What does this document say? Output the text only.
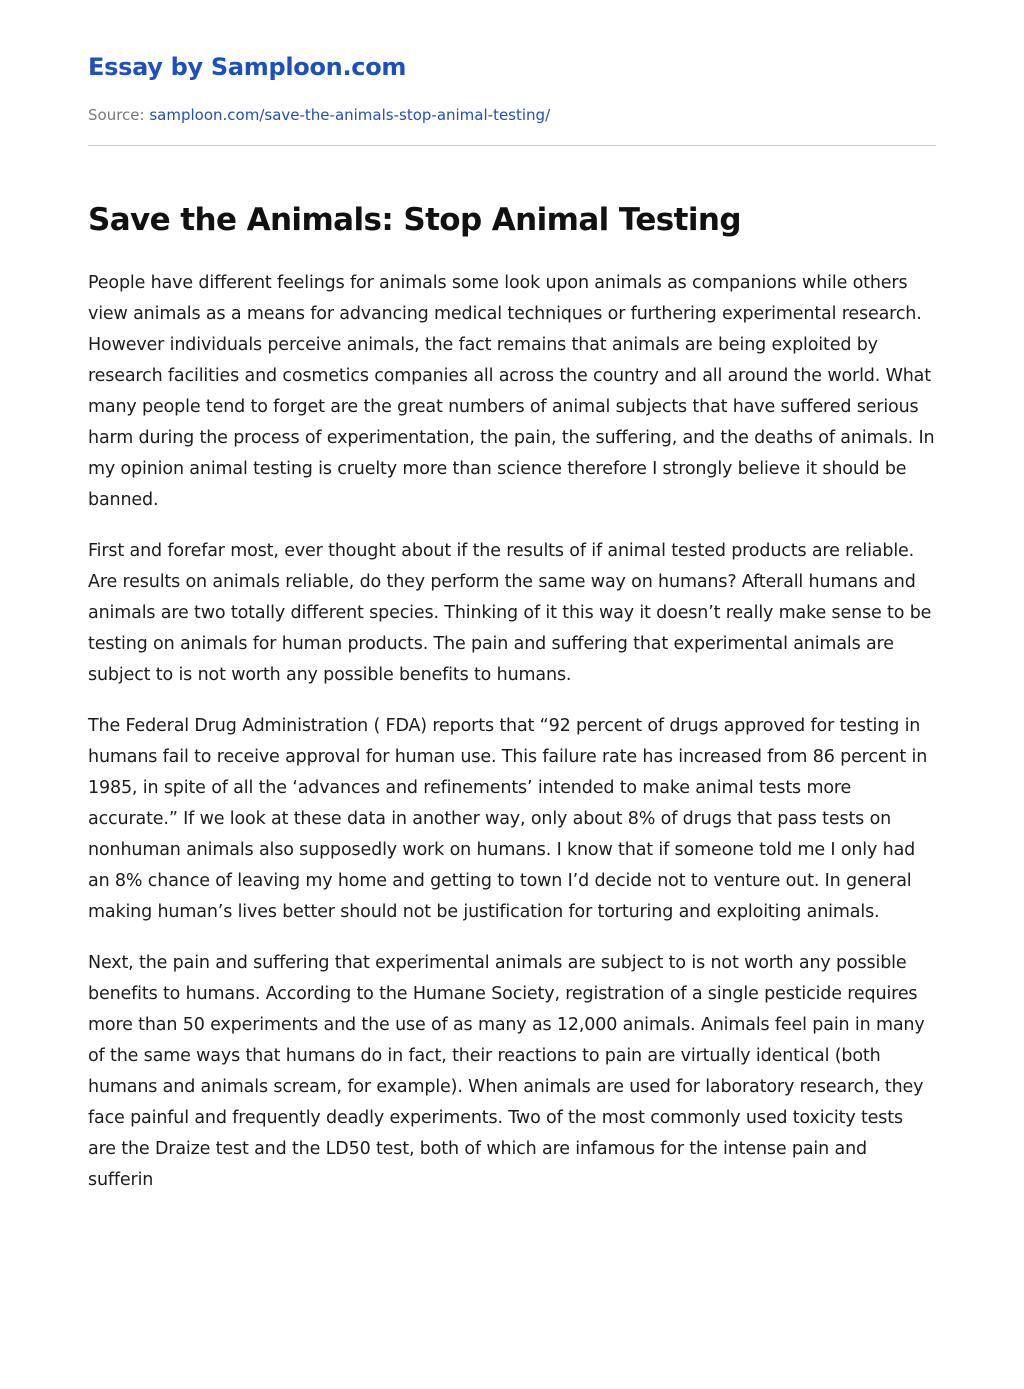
Essay by Samploon.com
Source: samploon.com/save-the-animals-stop-animal-testing/
Save the Animals: Stop Animal Testing

People have different feelings for animals some look upon animals as companions while others view animals as a means for advancing medical techniques or furthering experimental research. However individuals perceive animals, the fact remains that animals are being exploited by research facilities and cosmetics companies all across the country and all around the world. What many people tend to forget are the great numbers of animal subjects that have suffered serious harm during the process of experimentation, the pain, the suffering, and the deaths of animals. In my opinion animal testing is cruelty more than science therefore I strongly believe it should be banned.

First and forefar most, ever thought about if the results of if animal tested products are reliable. Are results on animals reliable, do they perform the same way on humans? Afterall humans and animals are two totally different species. Thinking of it this way it doesn’t really make sense to be testing on animals for human products. The pain and suffering that experimental animals are subject to is not worth any possible benefits to humans.

The Federal Drug Administration ( FDA) reports that “92 percent of drugs approved for testing in humans fail to receive approval for human use. This failure rate has increased from 86 percent in 1985, in spite of all the ‘advances and refinements’ intended to make animal tests more accurate.” If we look at these data in another way, only about 8% of drugs that pass tests on nonhuman animals also supposedly work on humans. I know that if someone told me I only had an 8% chance of leaving my home and getting to town I’d decide not to venture out. In general making human’s lives better should not be justification for torturing and exploiting animals.

Next, the pain and suffering that experimental animals are subject to is not worth any possible benefits to humans. According to the Humane Society, registration of a single pesticide requires more than 50 experiments and the use of as many as 12,000 animals. Animals feel pain in many of the same ways that humans do in fact, their reactions to pain are virtually identical (both humans and animals scream, for example). When animals are used for laboratory research, they face painful and frequently deadly experiments. Two of the most commonly used toxicity tests are the Draize test and the LD50 test, both of which are infamous for the intense pain and sufferin
